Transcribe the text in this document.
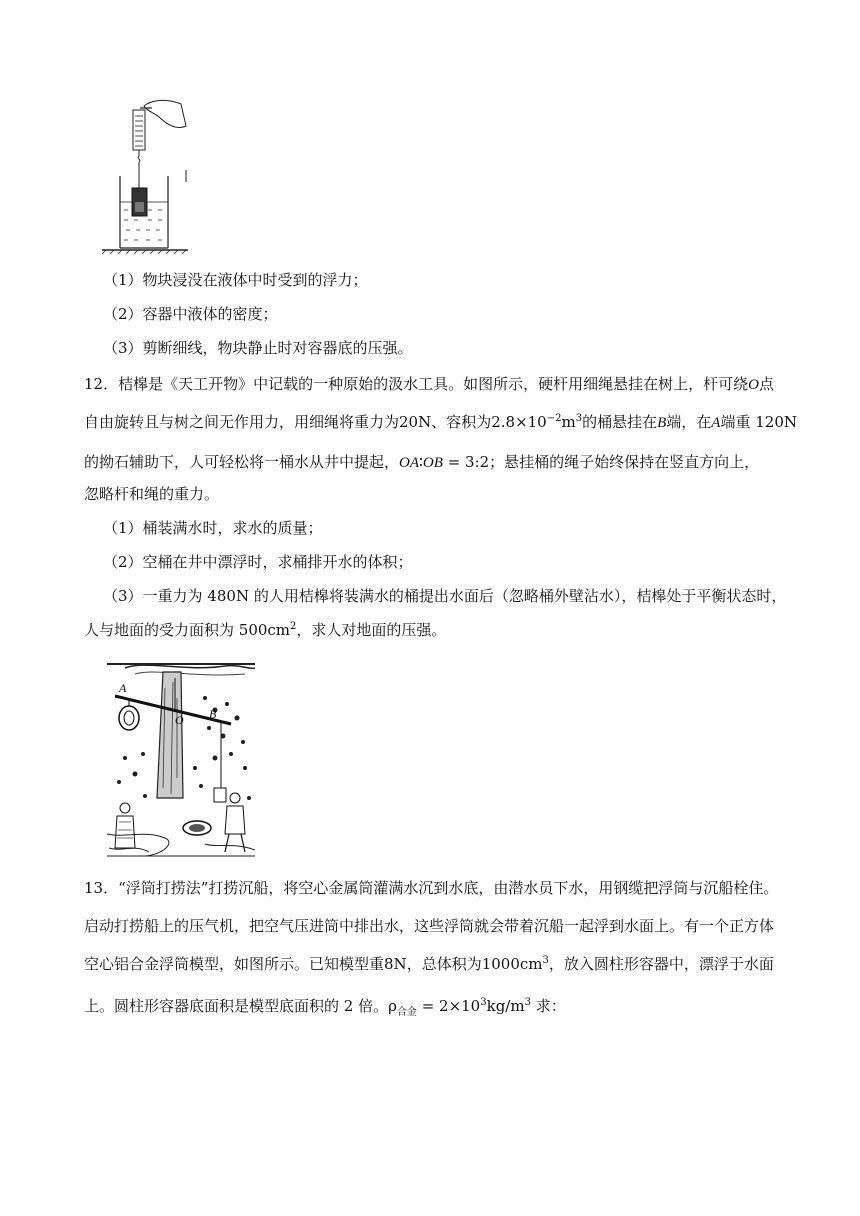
（1）物块浸没在液体中时受到的浮力；
（2）容器中液体的密度；
（3）剪断细线，物块静止时对容器底的压强。
12．桔槔是《天工开物》中记载的一种原始的汲水工具。如图所示，硬杆用细绳悬挂在树上，杆可绕O点
自由旋转且与树之间无作用力，用细绳将重力为20N、容积为$2.8\times 10^{-2}m^3$的桶悬挂在B端，在A端重 120N
的拗石辅助下，人可轻松将一桶水从井中提起，OA∶OB = 3:2；悬挂桶的绳子始终保持在竖直方向上，
忽略杆和绳的重力。
（1）桶装满水时，求水的质量；
（2）空桶在井中漂浮时，求桶排开水的体积；
（3）一重力为 480N 的人用桔槔将装满水的桶提出水面后（忽略桶外壁沾水），桔槔处于平衡状态时，
人与地面的受力面积为 $500cm^2$，求人对地面的压强。
A
B
O
13．“浮筒打捞法”打捞沉船，将空心金属筒灌满水沉到水底，由潜水员下水，用钢缆把浮筒与沉船栓住。
启动打捞船上的压气机，把空气压进筒中排出水，这些浮筒就会带着沉船一起浮到水面上。有一个正方体
空心铝合金浮筒模型，如图所示。已知模型重8N，总体积为$1000cm^3$，放入圆柱形容器中，漂浮于水面
上。圆柱形容器底面积是模型底面积的 2 倍。$\rho_{合金} = 2\times 10^3kg/m^3$ 求：
